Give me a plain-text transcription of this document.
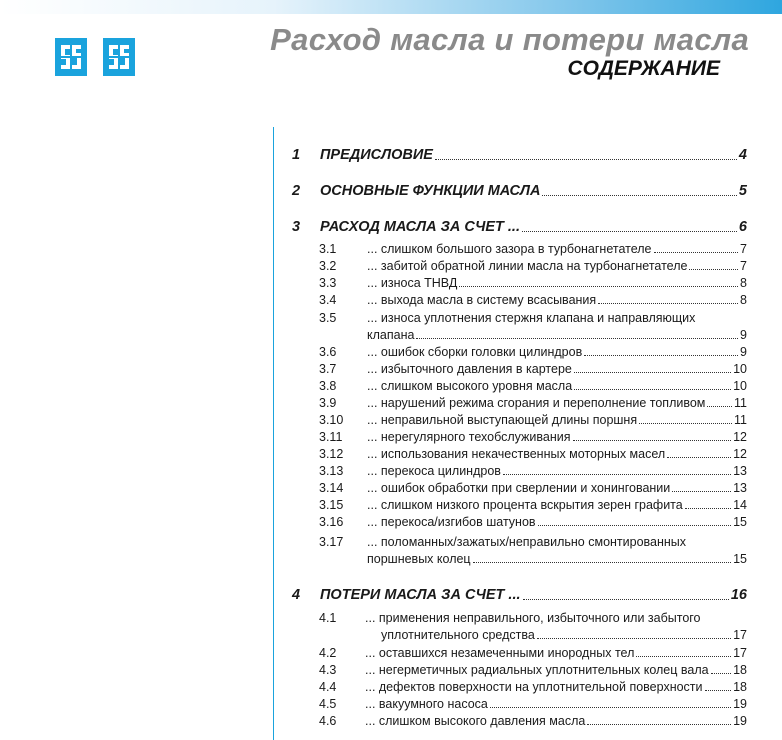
Расход масла и потери масла
СОДЕРЖАНИЕ
1	ПРЕДИСЛОВИЕ	4
2	ОСНОВНЫЕ ФУНКЦИИ МАСЛА	5
3	РАСХОД МАСЛА ЗА СЧЕТ ...	6
3.1	... слишком большого зазора в турбонагнетателе	7
3.2	... забитой обратной линии масла на турбонагнетателе	7
3.3	... износа ТНВД	8
3.4	... выхода масла в систему всасывания	8
3.5	... износа уплотнения стержня клапана и направляющих
клапана	9
3.6	... ошибок сборки головки цилиндров	9
3.7	... избыточного давления в картере	10
3.8	... слишком высокого уровня масла	10
3.9	... нарушений режима сгорания и переполнение топливом 11
3.10	... неправильной выступающей длины поршня	11
3.11	... нерегулярного техобслуживания	12
3.12	... использования некачественных моторных масел	12
3.13	... перекоса цилиндров	13
3.14	... ошибок обработки при сверлении и хонинговании	13
3.15	... слишком низкого процента вскрытия зерен графита	14
3.16	... перекоса/изгибов шатунов	15
3.17	... поломанных/зажатых/неправильно смонтированных
поршневых колец	15
4	ПОТЕРИ МАСЛА ЗА СЧЕТ ...	16
4.1	... применения неправильного, избыточного или забытого
уплотнительного средства	17
4.2	... оставшихся незамеченными инородных тел	17
4.3	... негерметичных радиальных уплотнительных колец вала 18
4.4	... дефектов поверхности на уплотнительной поверхности 18
4.5	... вакуумного насоса	19
4.6	... слишком высокого давления масла	19
